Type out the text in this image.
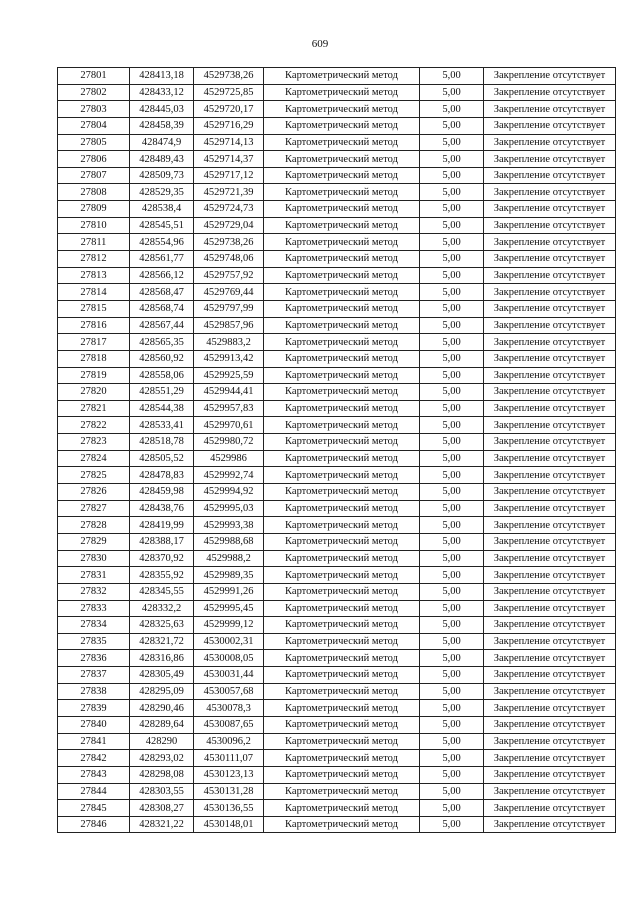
609
27801	428413,18	4529738,26	Картометрический метод	5,00	Закрепление отсутствует
27802	428433,12	4529725,85	Картометрический метод	5,00	Закрепление отсутствует
27803	428445,03	4529720,17	Картометрический метод	5,00	Закрепление отсутствует
27804	428458,39	4529716,29	Картометрический метод	5,00	Закрепление отсутствует
27805	428474,9	4529714,13	Картометрический метод	5,00	Закрепление отсутствует
27806	428489,43	4529714,37	Картометрический метод	5,00	Закрепление отсутствует
27807	428509,73	4529717,12	Картометрический метод	5,00	Закрепление отсутствует
27808	428529,35	4529721,39	Картометрический метод	5,00	Закрепление отсутствует
27809	428538,4	4529724,73	Картометрический метод	5,00	Закрепление отсутствует
27810	428545,51	4529729,04	Картометрический метод	5,00	Закрепление отсутствует
27811	428554,96	4529738,26	Картометрический метод	5,00	Закрепление отсутствует
27812	428561,77	4529748,06	Картометрический метод	5,00	Закрепление отсутствует
27813	428566,12	4529757,92	Картометрический метод	5,00	Закрепление отсутствует
27814	428568,47	4529769,44	Картометрический метод	5,00	Закрепление отсутствует
27815	428568,74	4529797,99	Картометрический метод	5,00	Закрепление отсутствует
27816	428567,44	4529857,96	Картометрический метод	5,00	Закрепление отсутствует
27817	428565,35	4529883,2	Картометрический метод	5,00	Закрепление отсутствует
27818	428560,92	4529913,42	Картометрический метод	5,00	Закрепление отсутствует
27819	428558,06	4529925,59	Картометрический метод	5,00	Закрепление отсутствует
27820	428551,29	4529944,41	Картометрический метод	5,00	Закрепление отсутствует
27821	428544,38	4529957,83	Картометрический метод	5,00	Закрепление отсутствует
27822	428533,41	4529970,61	Картометрический метод	5,00	Закрепление отсутствует
27823	428518,78	4529980,72	Картометрический метод	5,00	Закрепление отсутствует
27824	428505,52	4529986	Картометрический метод	5,00	Закрепление отсутствует
27825	428478,83	4529992,74	Картометрический метод	5,00	Закрепление отсутствует
27826	428459,98	4529994,92	Картометрический метод	5,00	Закрепление отсутствует
27827	428438,76	4529995,03	Картометрический метод	5,00	Закрепление отсутствует
27828	428419,99	4529993,38	Картометрический метод	5,00	Закрепление отсутствует
27829	428388,17	4529988,68	Картометрический метод	5,00	Закрепление отсутствует
27830	428370,92	4529988,2	Картометрический метод	5,00	Закрепление отсутствует
27831	428355,92	4529989,35	Картометрический метод	5,00	Закрепление отсутствует
27832	428345,55	4529991,26	Картометрический метод	5,00	Закрепление отсутствует
27833	428332,2	4529995,45	Картометрический метод	5,00	Закрепление отсутствует
27834	428325,63	4529999,12	Картометрический метод	5,00	Закрепление отсутствует
27835	428321,72	4530002,31	Картометрический метод	5,00	Закрепление отсутствует
27836	428316,86	4530008,05	Картометрический метод	5,00	Закрепление отсутствует
27837	428305,49	4530031,44	Картометрический метод	5,00	Закрепление отсутствует
27838	428295,09	4530057,68	Картометрический метод	5,00	Закрепление отсутствует
27839	428290,46	4530078,3	Картометрический метод	5,00	Закрепление отсутствует
27840	428289,64	4530087,65	Картометрический метод	5,00	Закрепление отсутствует
27841	428290	4530096,2	Картометрический метод	5,00	Закрепление отсутствует
27842	428293,02	4530111,07	Картометрический метод	5,00	Закрепление отсутствует
27843	428298,08	4530123,13	Картометрический метод	5,00	Закрепление отсутствует
27844	428303,55	4530131,28	Картометрический метод	5,00	Закрепление отсутствует
27845	428308,27	4530136,55	Картометрический метод	5,00	Закрепление отсутствует
27846	428321,22	4530148,01	Картометрический метод	5,00	Закрепление отсутствует
